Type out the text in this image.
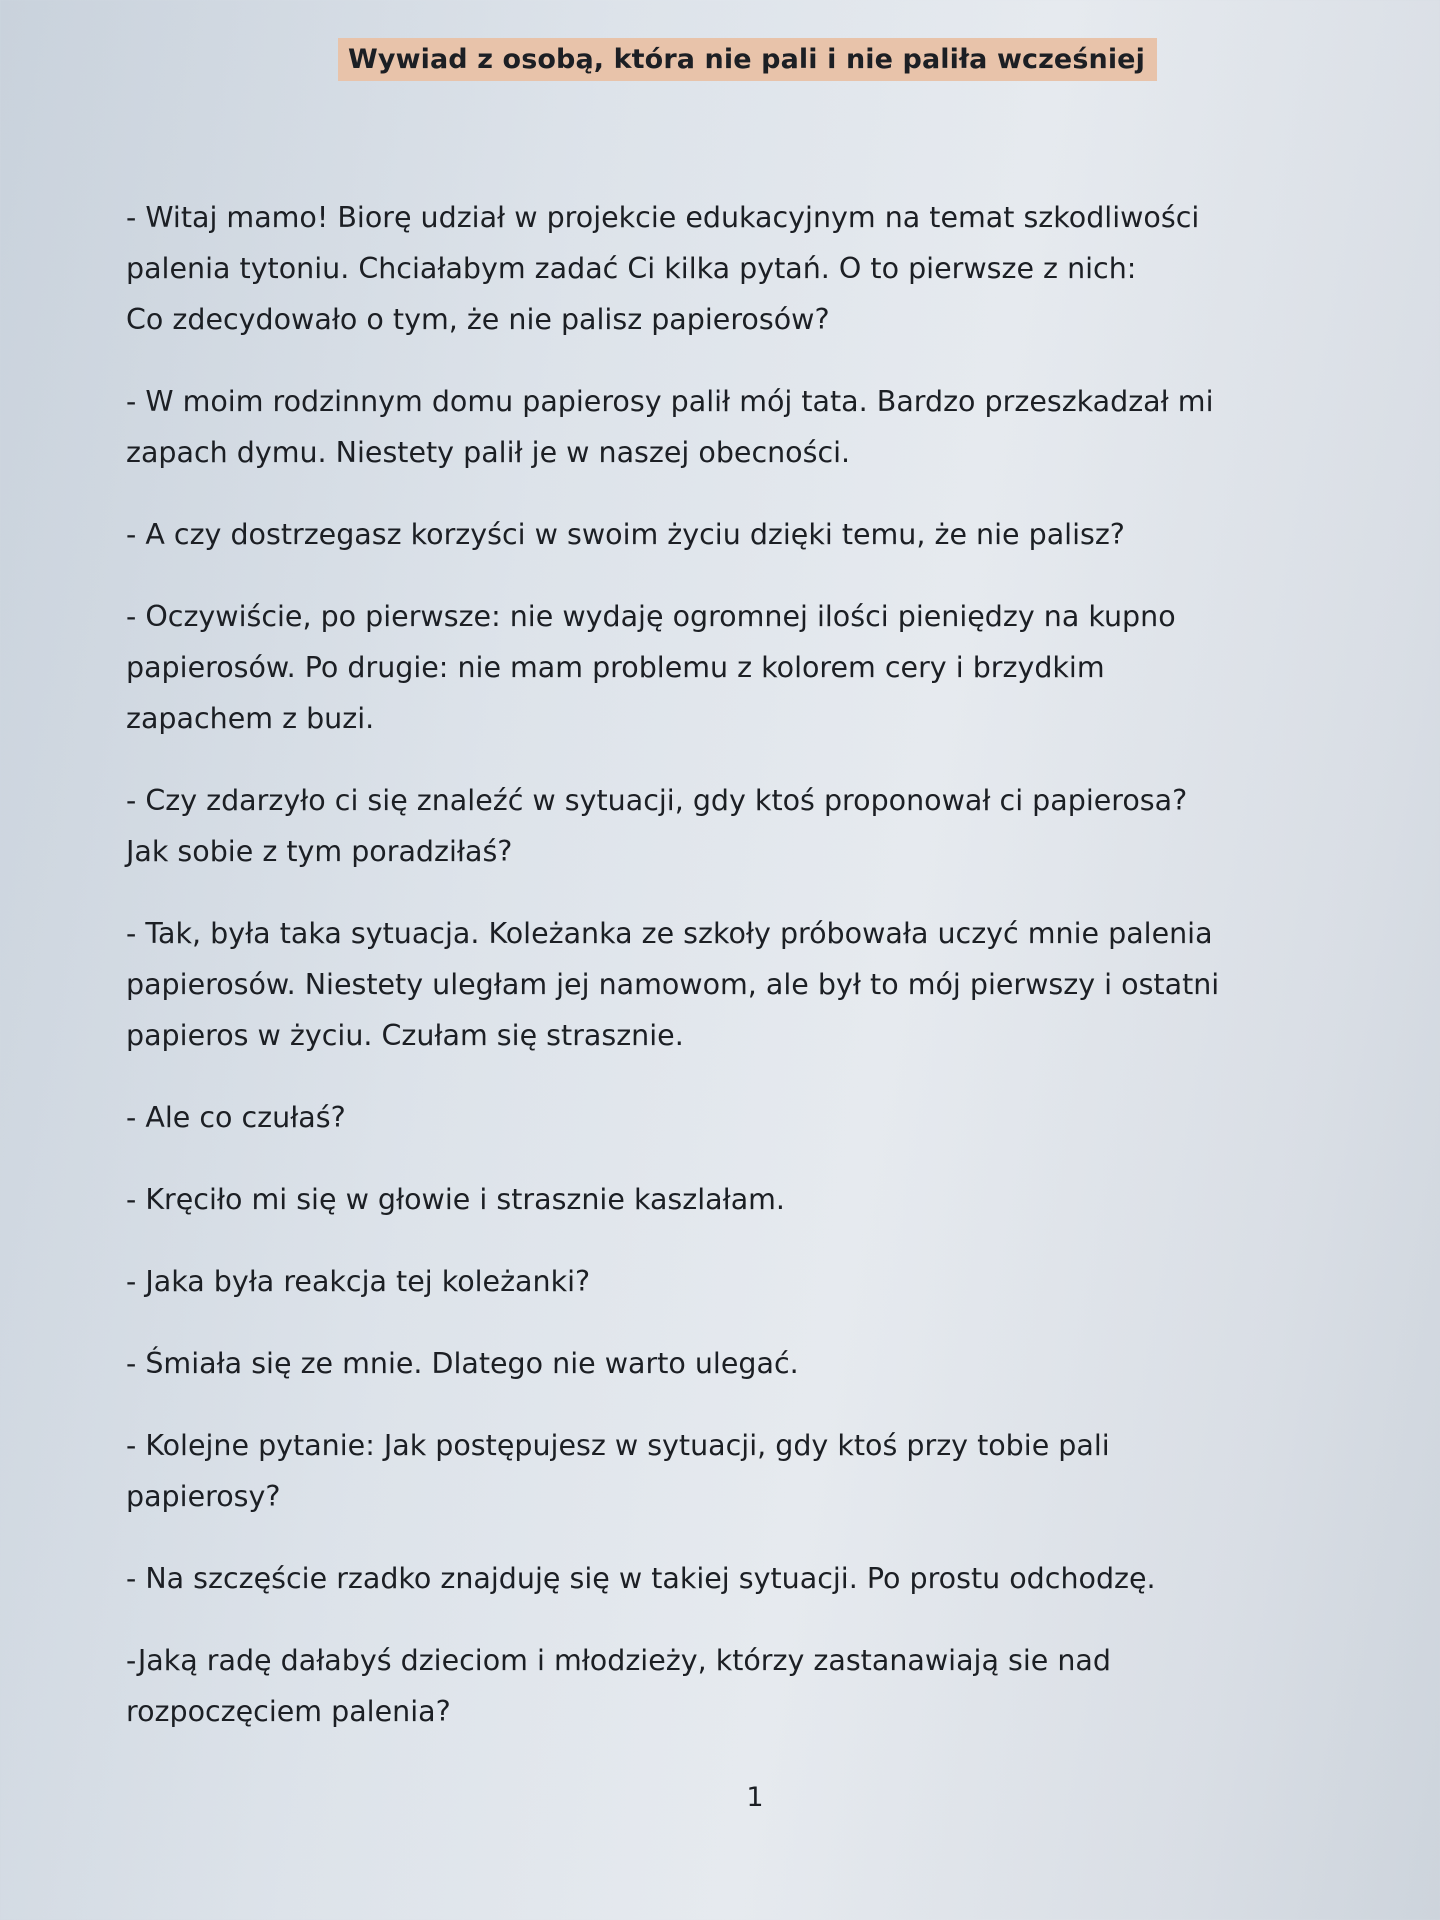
Wywiad z osobą, która nie pali i nie paliła wcześniej

- Witaj mamo! Biorę udział w projekcie edukacyjnym na temat szkodliwości
palenia tytoniu. Chciałabym zadać Ci kilka pytań. O to pierwsze z nich:
Co zdecydowało o tym, że nie palisz papierosów?

- W moim rodzinnym domu papierosy palił mój tata. Bardzo przeszkadzał mi
zapach dymu. Niestety palił je w naszej obecności.

- A czy dostrzegasz korzyści w swoim życiu dzięki temu, że nie palisz?

- Oczywiście, po pierwsze: nie wydaję ogromnej ilości pieniędzy na kupno
papierosów. Po drugie: nie mam problemu z kolorem cery i brzydkim
zapachem z buzi.

- Czy zdarzyło ci się znaleźć w sytuacji, gdy ktoś proponował ci papierosa?
Jak sobie z tym poradziłaś?

- Tak, była taka sytuacja. Koleżanka ze szkoły próbowała uczyć mnie palenia
papierosów. Niestety uległam jej namowom, ale był to mój pierwszy i ostatni
papieros w życiu. Czułam się strasznie.

- Ale co czułaś?

- Kręciło mi się w głowie i strasznie kaszlałam.

- Jaka była reakcja tej koleżanki?

- Śmiała się ze mnie. Dlatego nie warto ulegać.

- Kolejne pytanie: Jak postępujesz w sytuacji, gdy ktoś przy tobie pali
papierosy?

- Na szczęście rzadko znajduję się w takiej sytuacji. Po prostu odchodzę.

-Jaką radę dałabyś dzieciom i młodzieży, którzy zastanawiają sie nad
rozpoczęciem palenia?

1
